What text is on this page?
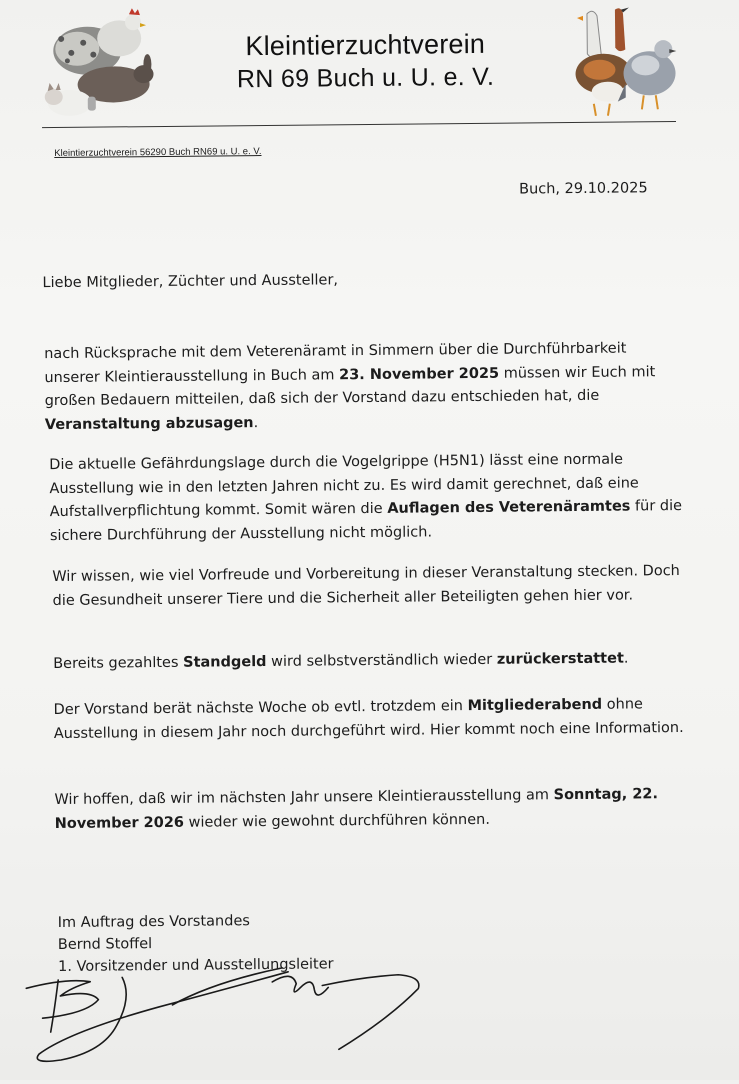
Kleintierzuchtverein
RN 69 Buch u. U. e. V.
Kleintierzuchtverein 56290 Buch RN69 u. U. e. V.
Buch, 29.10.2025
Liebe Mitglieder, Züchter und Aussteller,

nach Rücksprache mit dem Veterenäramt in Simmern über die Durchführbarkeit unserer Kleintierausstellung in Buch am 23. November 2025 müssen wir Euch mit großen Bedauern mitteilen, daß sich der Vorstand dazu entschieden hat, die Veranstaltung abzusagen.

Die aktuelle Gefährdungslage durch die Vogelgrippe (H5N1) lässt eine normale Ausstellung wie in den letzten Jahren nicht zu. Es wird damit gerechnet, daß eine Aufstallverpflichtung kommt. Somit wären die Auflagen des Veterenäramtes für die sichere Durchführung der Ausstellung nicht möglich.

Wir wissen, wie viel Vorfreude und Vorbereitung in dieser Veranstaltung stecken. Doch die Gesundheit unserer Tiere und die Sicherheit aller Beteiligten gehen hier vor.

Bereits gezahltes Standgeld wird selbstverständlich wieder zurückerstattet.

Der Vorstand berät nächste Woche ob evtl. trotzdem ein Mitgliederabend ohne Ausstellung in diesem Jahr noch durchgeführt wird. Hier kommt noch eine Information.

Wir hoffen, daß wir im nächsten Jahr unsere Kleintierausstellung am Sonntag, 22. November 2026 wieder wie gewohnt durchführen können.

Im Auftrag des Vorstandes
Bernd Stoffel
1. Vorsitzender und Ausstellungsleiter
